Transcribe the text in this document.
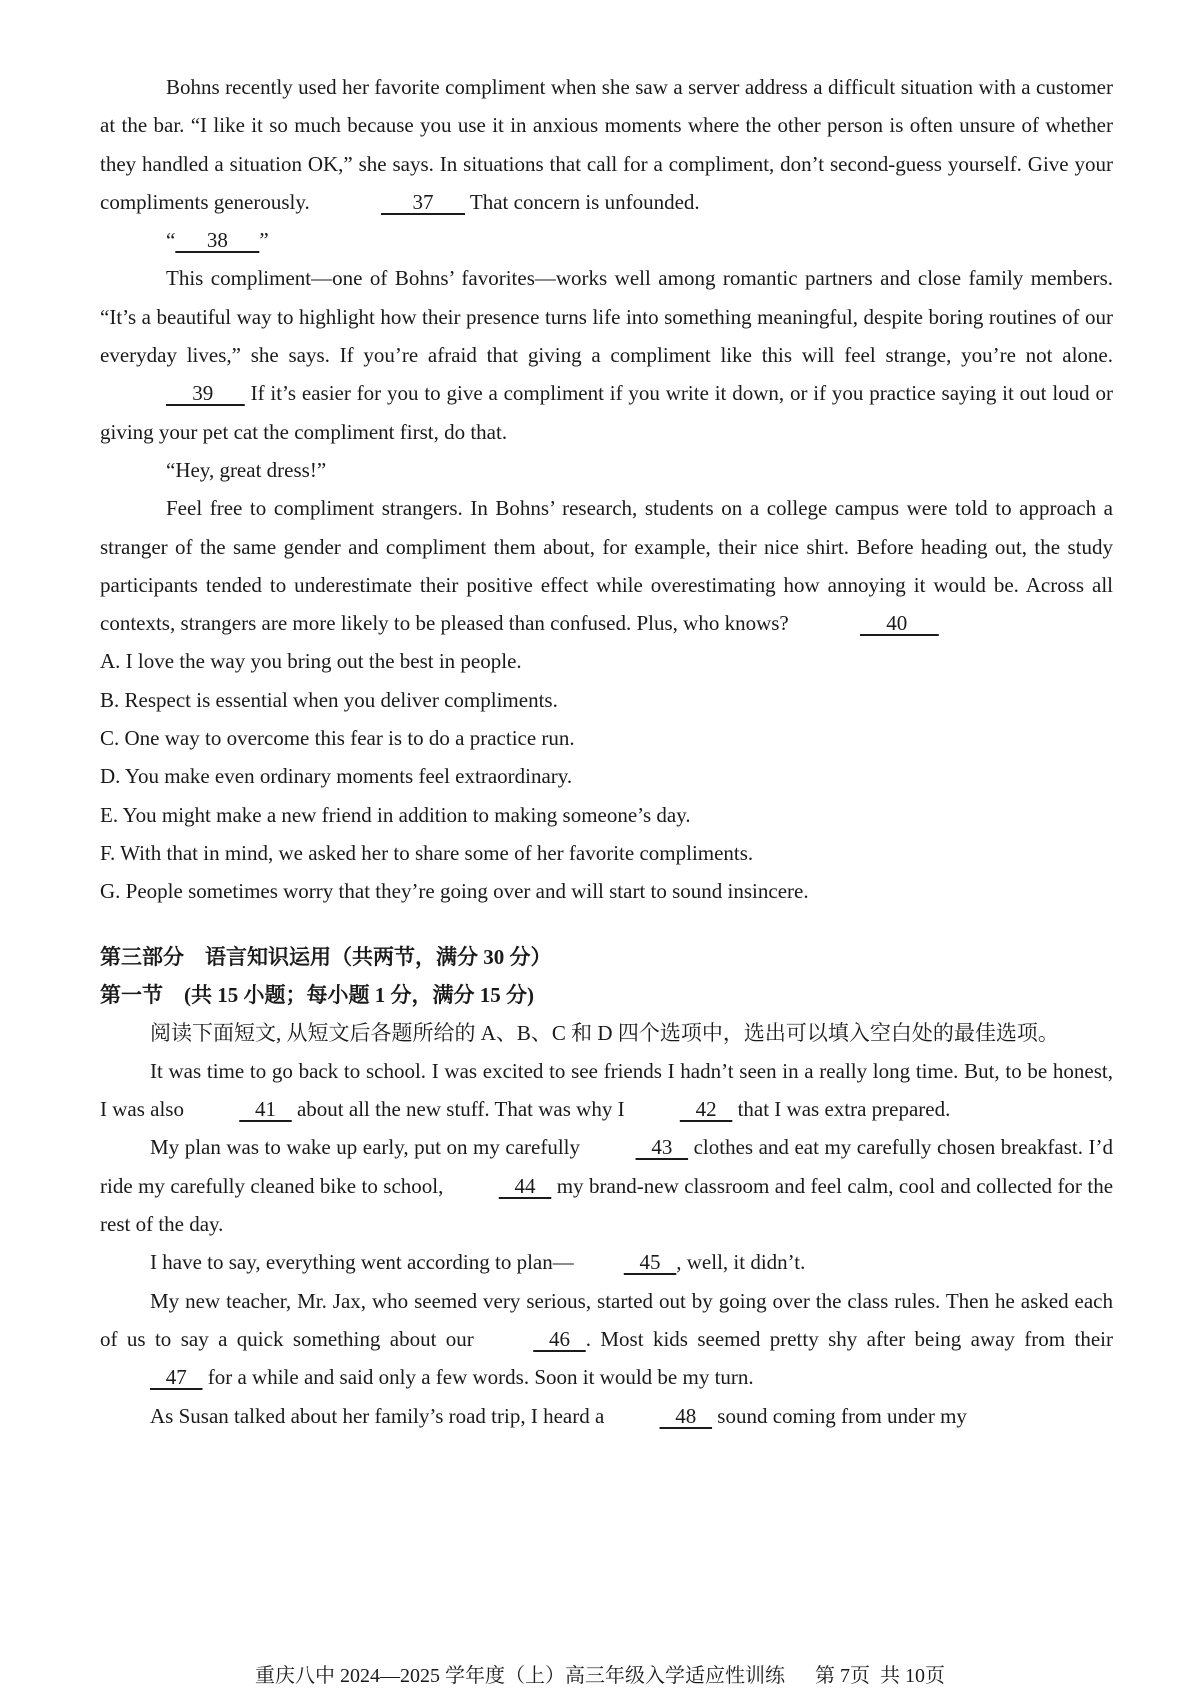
Bohns recently used her favorite compliment when she saw a server address a difficult situation with a customer at the bar. “I like it so much because you use it in anxious moments where the other person is often unsure of whether they handled a situation OK,” she says. In situations that call for a compliment, don’t second-guess yourself. Give your compliments generously.	37       That concern is unfounded.

“      38      ”

This compliment—one of Bohns’ favorites—works well among romantic partners and close family members. “It’s a beautiful way to highlight how their presence turns life into something meaningful, despite boring routines of our everyday lives,” she says. If you’re afraid that giving a compliment like this will feel strange, you’re not alone.      39       If it’s easier for you to give a compliment if you write it down, or if you practice saying it out loud or giving your pet cat the compliment first, do that.

“Hey, great dress!”

Feel free to compliment strangers. In Bohns’ research, students on a college campus were told to approach a stranger of the same gender and compliment them about, for example, their nice shirt. Before heading out, the study participants tended to underestimate their positive effect while overestimating how annoying it would be. Across all contexts, strangers are more likely to be pleased than confused. Plus, who knows?	40

A. I love the way you bring out the best in people.

B. Respect is essential when you deliver compliments.

C. One way to overcome this fear is to do a practice run.

D. You make even ordinary moments feel extraordinary.

E. You might make a new friend in addition to making someone’s day.

F. With that in mind, we asked her to share some of her favorite compliments.

G. People sometimes worry that they’re going over and will start to sound insincere.

第三部分    语言知识运用（共两节，满分 30 分）

第一节    (共 15 小题；每小题 1 分，满分 15 分)

阅读下面短文, 从短文后各题所给的 A、B、C 和 D 四个选项中，选出可以填入空白处的最佳选项。

It was time to go back to school. I was excited to see friends I hadn’t seen in a really long time. But, to be honest, I was also	41    about all the new stuff. That was why I	42    that I was extra prepared.

My plan was to wake up early, put on my carefully	43    clothes and eat my carefully chosen breakfast. I’d ride my carefully cleaned bike to school,	44    my brand-new classroom and feel calm, cool and collected for the rest of the day.

I have to say, everything went according to plan—   45   , well, it didn’t.

My new teacher, Mr. Jax, who seemed very serious, started out by going over the class rules. Then he asked each of us to say a quick something about our	46   . Most kids seemed pretty shy after being away from their    47    for a while and said only a few words. Soon it would be my turn.

As Susan talked about her family’s road trip, I heard a	48    sound coming from under my

重庆八中 2024—2025 学年度（上）高三年级入学适应性训练      第 7页  共 10页
